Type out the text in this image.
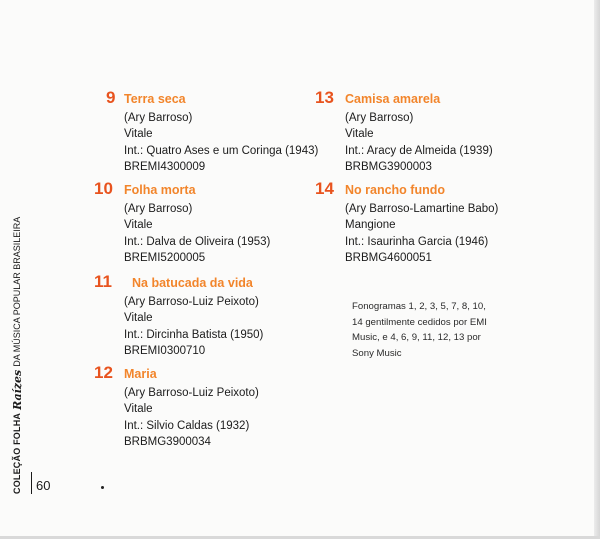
9 Terra seca
(Ary Barroso)
Vitale
Int.: Quatro Ases e um Coringa (1943)
BREMI4300009
10 Folha morta
(Ary Barroso)
Vitale
Int.: Dalva de Oliveira (1953)
BREMI5200005
11	Na batucada da vida
(Ary Barroso-Luiz Peixoto)
Vitale
Int.: Dircinha Batista (1950)
BREMI0300710
12 Maria
(Ary Barroso-Luiz Peixoto)
Vitale
Int.: Silvio Caldas (1932)
BRBMG3900034
13 Camisa amarela
(Ary Barroso)
Vitale
Int.: Aracy de Almeida (1939)
BRBMG3900003
14 No rancho fundo
(Ary Barroso-Lamartine Babo)
Mangione
Int.: Isaurinha Garcia (1946)
BRBMG4600051
Fonogramas 1, 2, 3, 5, 7, 8, 10,
14 gentilmente cedidos por EMI
Music, e 4, 6, 9, 11, 12, 13 por
Sony Music
COLEÇÃO FOLHA
Raízes
DA MÚSICA POPULAR BRASILEIRA
60
